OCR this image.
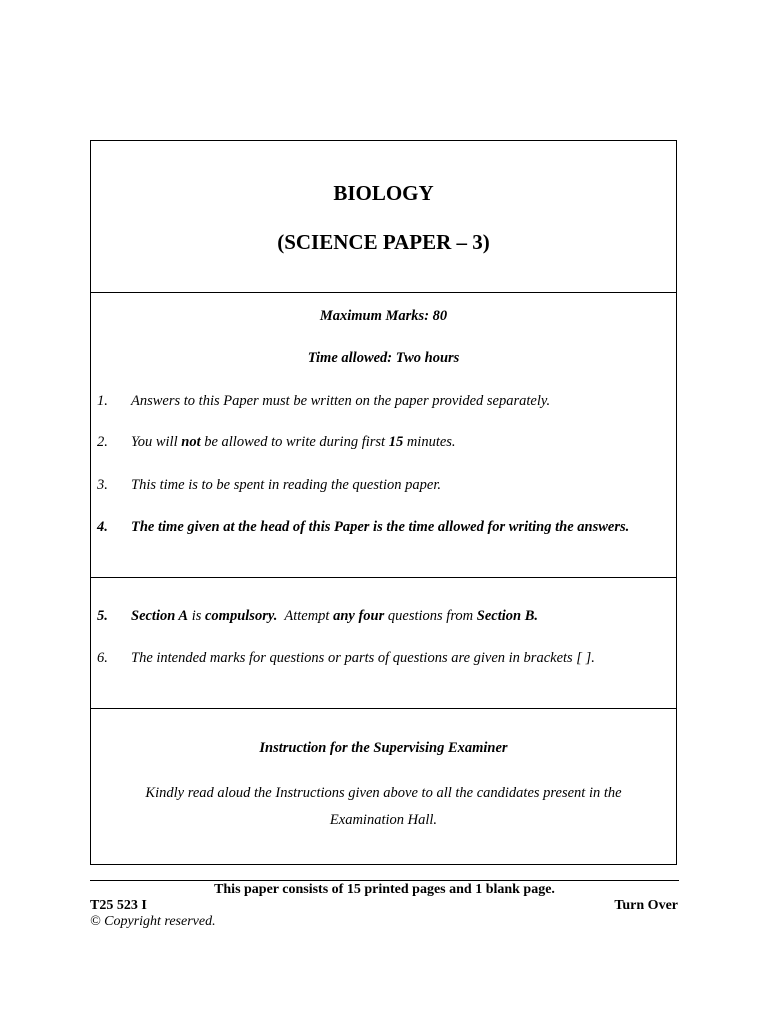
BIOLOGY
(SCIENCE PAPER – 3)
Maximum Marks: 80
Time allowed: Two hours
1. Answers to this Paper must be written on the paper provided separately.
2. You will not be allowed to write during first 15 minutes.
3. This time is to be spent in reading the question paper.
4. The time given at the head of this Paper is the time allowed for writing the answers.
5. Section A is compulsory.  Attempt any four questions from Section B.
6. The intended marks for questions or parts of questions are given in brackets [ ].
Instruction for the Supervising Examiner
Kindly read aloud the Instructions given above to all the candidates present in the
Examination Hall.
This paper consists of 15 printed pages and 1 blank page.
T25 523 I	Turn Over
© Copyright reserved.
